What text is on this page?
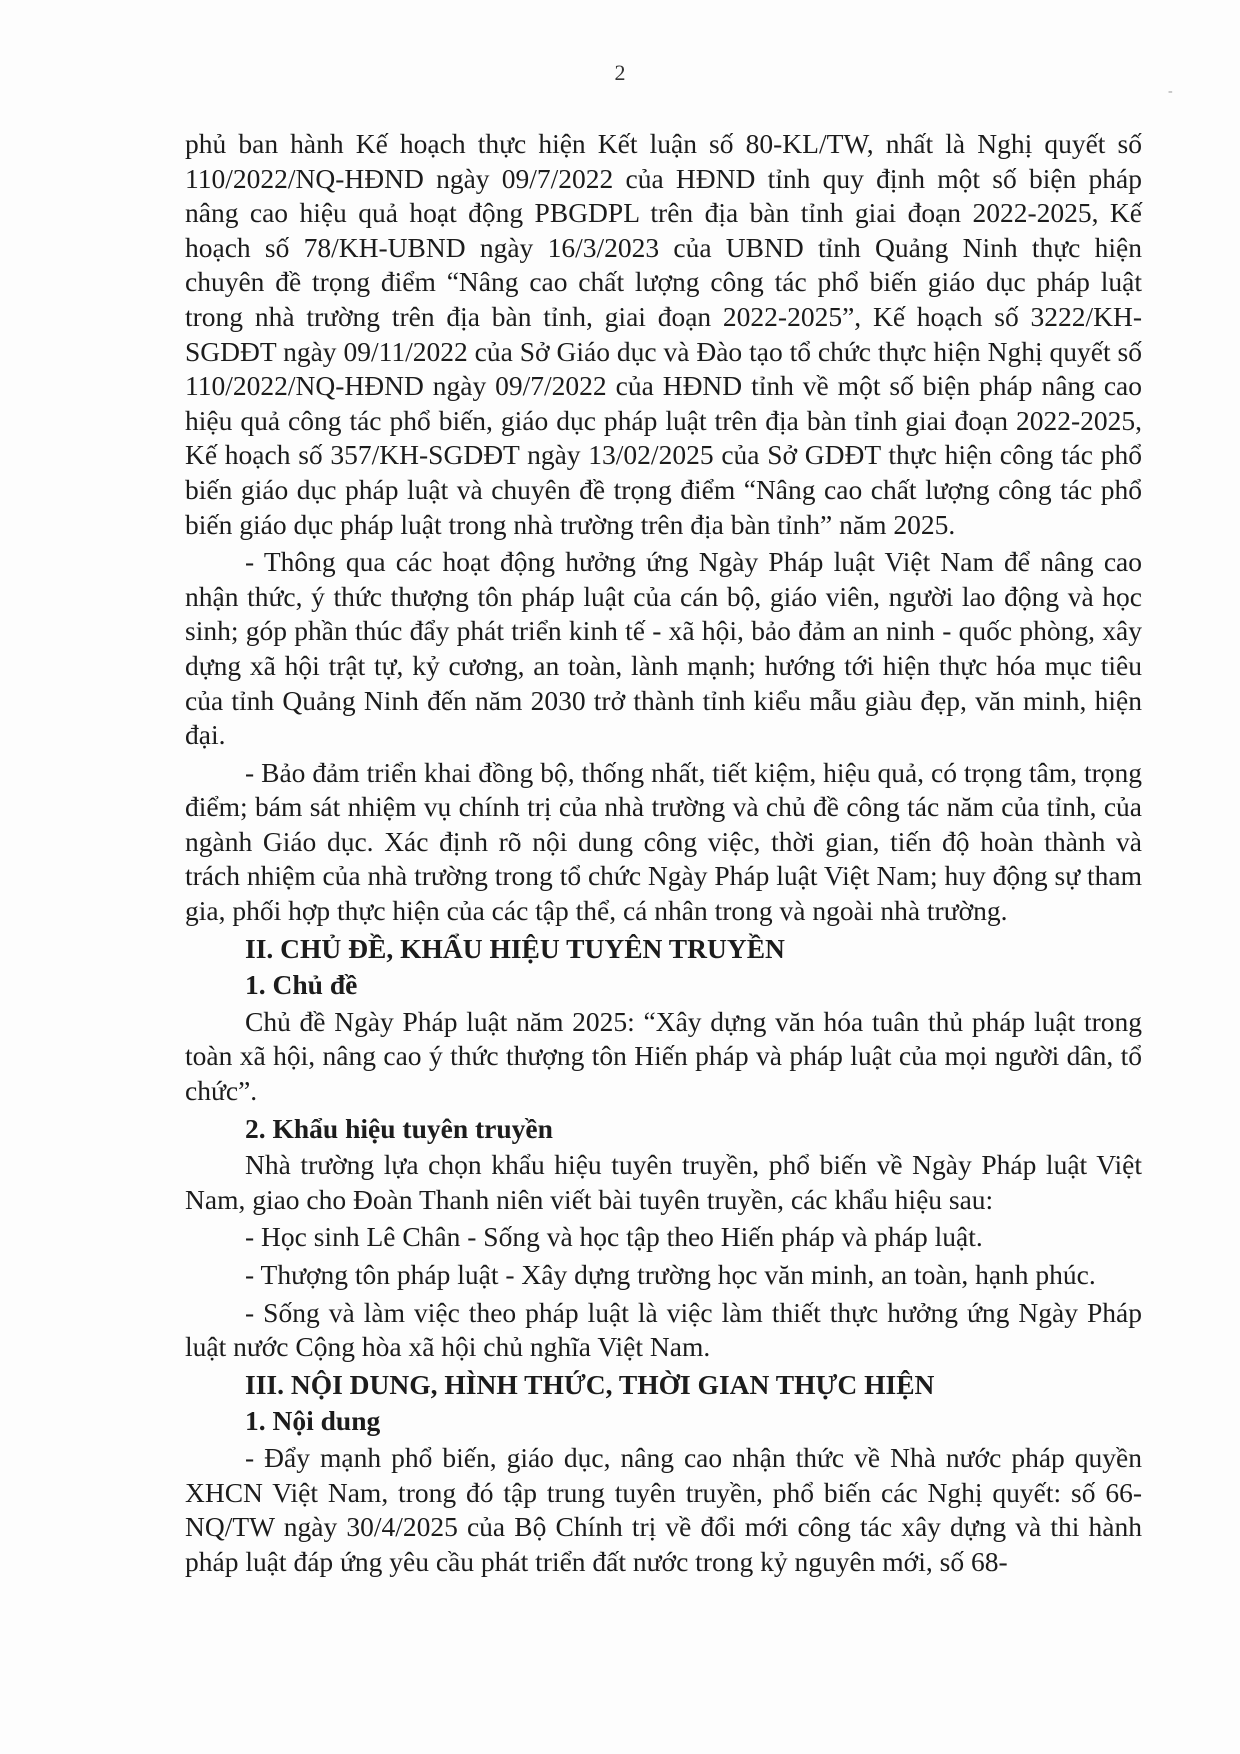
2
-

phủ ban hành Kế hoạch thực hiện Kết luận số 80-KL/TW, nhất là Nghị quyết số 110/2022/NQ-HĐND ngày 09/7/2022 của HĐND tỉnh quy định một số biện pháp nâng cao hiệu quả hoạt động PBGDPL trên địa bàn tỉnh giai đoạn 2022-2025, Kế hoạch số 78/KH-UBND ngày 16/3/2023 của UBND tỉnh Quảng Ninh thực hiện chuyên đề trọng điểm “Nâng cao chất lượng công tác phổ biến giáo dục pháp luật trong nhà trường trên địa bàn tỉnh, giai đoạn 2022-2025”, Kế hoạch số 3222/KH-SGDĐT ngày 09/11/2022 của Sở Giáo dục và Đào tạo tổ chức thực hiện Nghị quyết số 110/2022/NQ-HĐND ngày 09/7/2022 của HĐND tỉnh về một số biện pháp nâng cao hiệu quả công tác phổ biến, giáo dục pháp luật trên địa bàn tỉnh giai đoạn 2022-2025, Kế hoạch số 357/KH-SGDĐT ngày 13/02/2025 của Sở GDĐT thực hiện công tác phổ biến giáo dục pháp luật và chuyên đề trọng điểm “Nâng cao chất lượng công tác phổ biến giáo dục pháp luật trong nhà trường trên địa bàn tỉnh” năm 2025.

- Thông qua các hoạt động hưởng ứng Ngày Pháp luật Việt Nam để nâng cao nhận thức, ý thức thượng tôn pháp luật của cán bộ, giáo viên, người lao động và học sinh; góp phần thúc đẩy phát triển kinh tế - xã hội, bảo đảm an ninh - quốc phòng, xây dựng xã hội trật tự, kỷ cương, an toàn, lành mạnh; hướng tới hiện thực hóa mục tiêu của tỉnh Quảng Ninh đến năm 2030 trở thành tỉnh kiểu mẫu giàu đẹp, văn minh, hiện đại.

- Bảo đảm triển khai đồng bộ, thống nhất, tiết kiệm, hiệu quả, có trọng tâm, trọng điểm; bám sát nhiệm vụ chính trị của nhà trường và chủ đề công tác năm của tỉnh, của ngành Giáo dục. Xác định rõ nội dung công việc, thời gian, tiến độ hoàn thành và trách nhiệm của nhà trường trong tổ chức Ngày Pháp luật Việt Nam; huy động sự tham gia, phối hợp thực hiện của các tập thể, cá nhân trong và ngoài nhà trường.

II. CHỦ ĐỀ, KHẨU HIỆU TUYÊN TRUYỀN

1. Chủ đề

Chủ đề Ngày Pháp luật năm 2025: “Xây dựng văn hóa tuân thủ pháp luật trong toàn xã hội, nâng cao ý thức thượng tôn Hiến pháp và pháp luật của mọi người dân, tổ chức”.

2. Khẩu hiệu tuyên truyền

Nhà trường lựa chọn khẩu hiệu tuyên truyền, phổ biến về Ngày Pháp luật Việt Nam, giao cho Đoàn Thanh niên viết bài tuyên truyền, các khẩu hiệu sau:

- Học sinh Lê Chân - Sống và học tập theo Hiến pháp và pháp luật.

- Thượng tôn pháp luật - Xây dựng trường học văn minh, an toàn, hạnh phúc.

- Sống và làm việc theo pháp luật là việc làm thiết thực hưởng ứng Ngày Pháp luật nước Cộng hòa xã hội chủ nghĩa Việt Nam.

III. NỘI DUNG, HÌNH THỨC, THỜI GIAN THỰC HIỆN

1. Nội dung

- Đẩy mạnh phổ biến, giáo dục, nâng cao nhận thức về Nhà nước pháp quyền XHCN Việt Nam, trong đó tập trung tuyên truyền, phổ biến các Nghị quyết: số 66-NQ/TW ngày 30/4/2025 của Bộ Chính trị về đổi mới công tác xây dựng và thi hành pháp luật đáp ứng yêu cầu phát triển đất nước trong kỷ nguyên mới, số 68-
